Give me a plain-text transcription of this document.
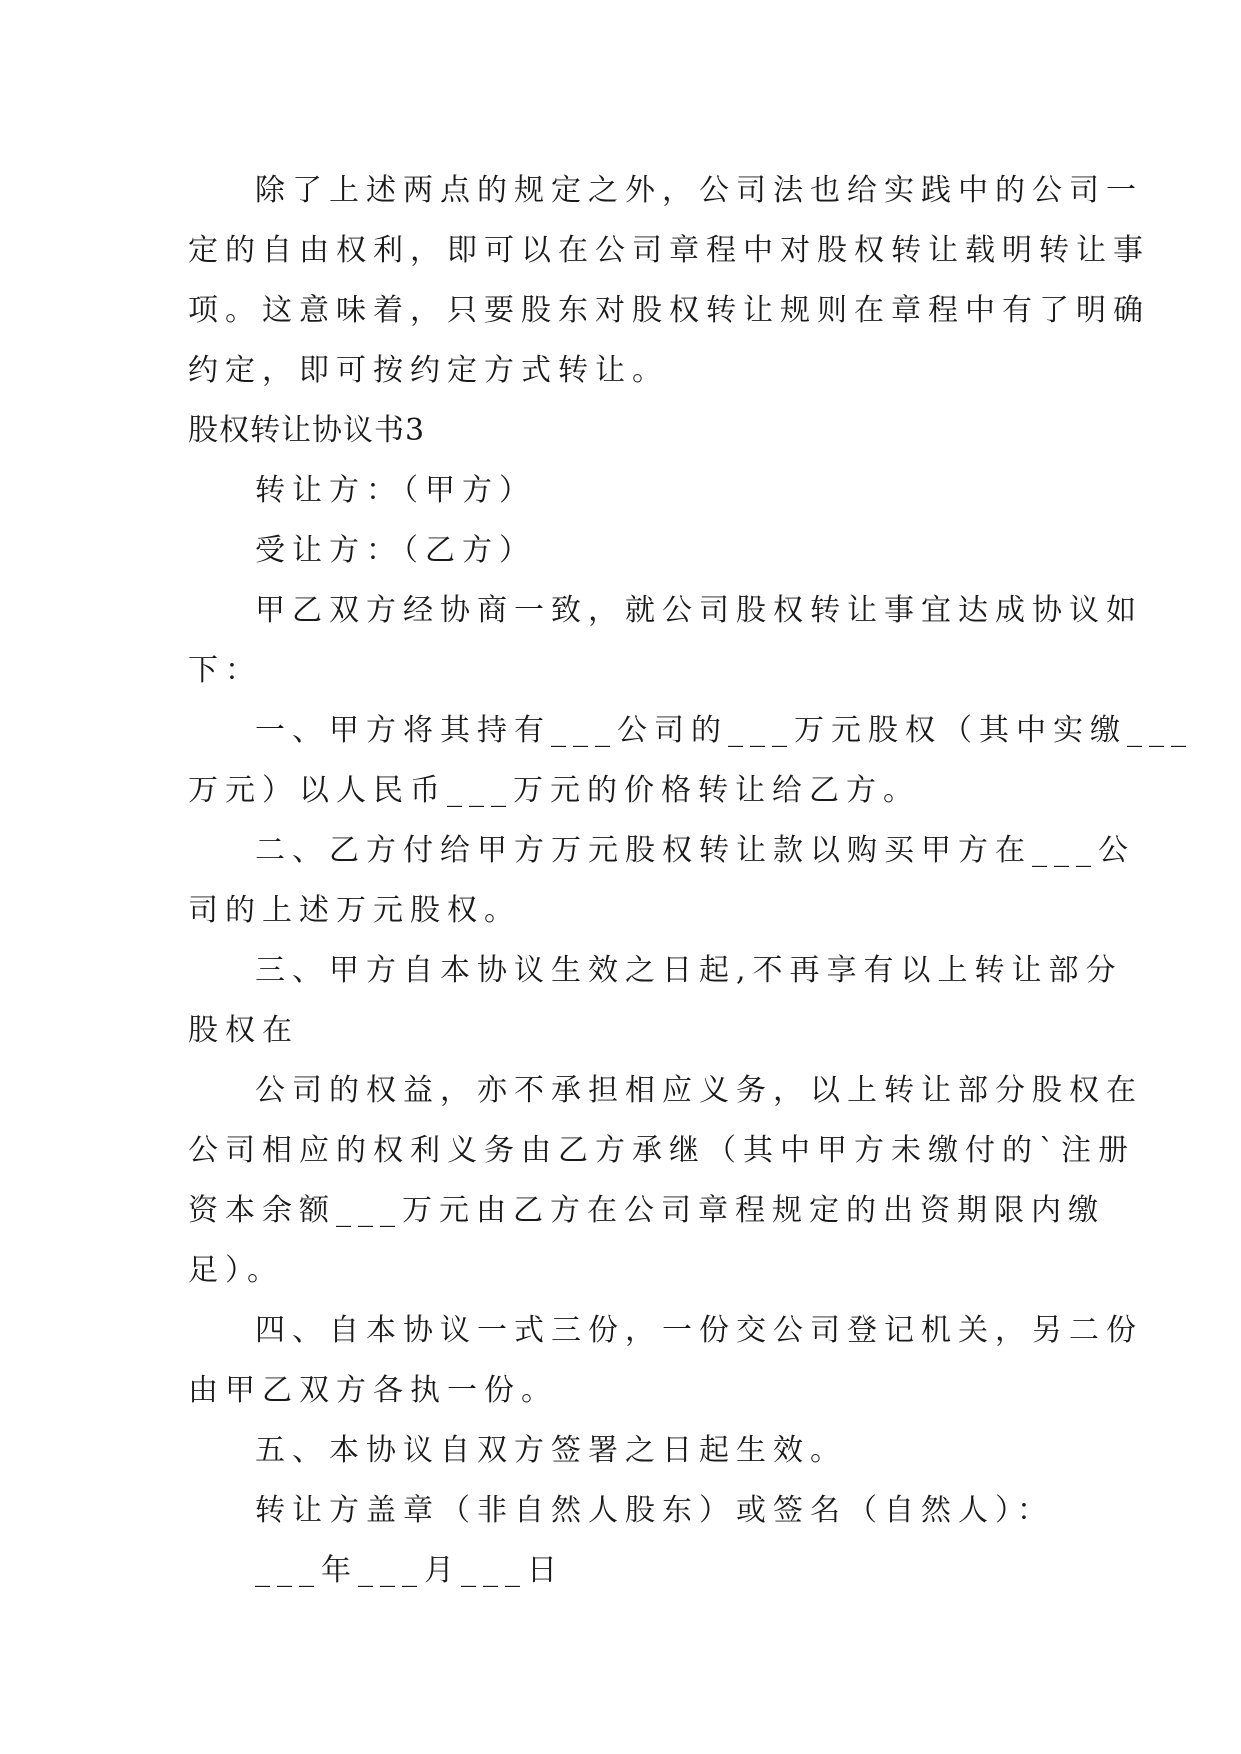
除了上述两点的规定之外，公司法也给实践中的公司一
定的自由权利，即可以在公司章程中对股权转让载明转让事
项。这意味着，只要股东对股权转让规则在章程中有了明确
约定，即可按约定方式转让。
股权转让协议书3
转让方：（甲方）
受让方：（乙方）
甲乙双方经协商一致，就公司股权转让事宜达成协议如
下：
一、甲方将其持有___公司的___万元股权（其中实缴___
万元）以人民币___万元的价格转让给乙方。
二、乙方付给甲方万元股权转让款以购买甲方在___公
司的上述万元股权。
三、甲方自本协议生效之日起,不再享有以上转让部分
股权在
公司的权益，亦不承担相应义务，以上转让部分股权在
公司相应的权利义务由乙方承继（其中甲方未缴付的`注册
资本余额___万元由乙方在公司章程规定的出资期限内缴
足）。
四、自本协议一式三份，一份交公司登记机关，另二份
由甲乙双方各执一份。
五、本协议自双方签署之日起生效。
转让方盖章（非自然人股东）或签名（自然人）：
___年___月___日
